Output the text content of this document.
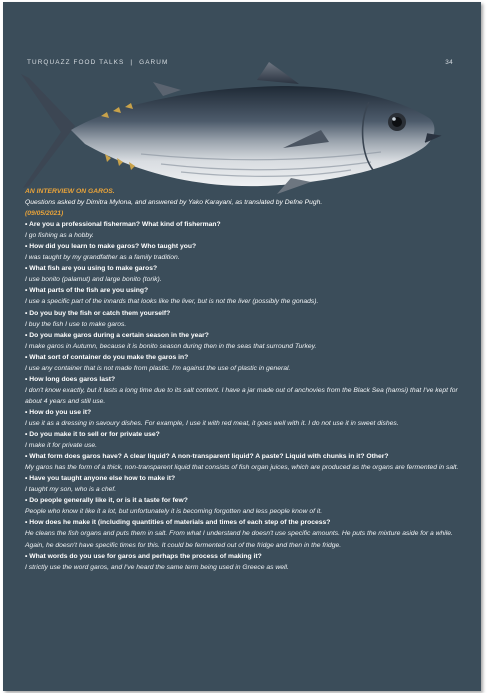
TURQUAZZ FOOD TALKS | GARUM	34
AN INTERVIEW ON GAROS.
Questions asked by Dimitra Mylona, and answered by Yako Karayani, as translated by Defne Pugh.
(09/05/2021)
• Are you a professional fisherman? What kind of fisherman?
I go fishing as a hobby.
• How did you learn to make garos? Who taught you?
I was taught by my grandfather as a family tradition.
• What fish are you using to make garos?
I use bonito (palamut) and large bonito (torik).
• What parts of the fish are you using?
I use a specific part of the innards that looks like the liver, but is not the liver (possibly the gonads).
• Do you buy the fish or catch them yourself?
I buy the fish I use to make garos.
• Do you make garos during a certain season in the year?
I make garos in Autumn, because it is bonito season during then in the seas that surround Turkey.
• What sort of container do you make the garos in?
I use any container that is not made from plastic. I'm against the use of plastic in general.
• How long does garos last?
I don't know exactly, but it lasts a long time due to its salt content. I have a jar made out of anchovies from the Black Sea (hamsi) that I've kept for about 4 years and still use.
• How do you use it?
I use it as a dressing in savoury dishes. For example, I use it with red meat, it goes well with it. I do not use it in sweet dishes.
• Do you make it to sell or for private use?
I make it for private use.
• What form does garos have? A clear liquid? A non-transparent liquid? A paste? Liquid with chunks in it? Other?
My garos has the form of a thick, non-transparent liquid that consists of fish organ juices, which are produced as the organs are fermented in salt.
• Have you taught anyone else how to make it?
I taught my son, who is a chef.
• Do people generally like it, or is it a taste for few?
People who know it like it a lot, but unfortunately it is becoming forgotten and less people know of it.
• How does he make it (including quantities of materials and times of each step of the process?
He cleans the fish organs and puts them in salt. From what I understand he doesn't use specific amounts. He puts the mixture aside for a while. Again, he doesn't have specific times for this. It could be fermented out of the fridge and then in the fridge.
• What words do you use for garos and perhaps the process of making it?
I strictly use the word garos, and I've heard the same term being used in Greece as well.
